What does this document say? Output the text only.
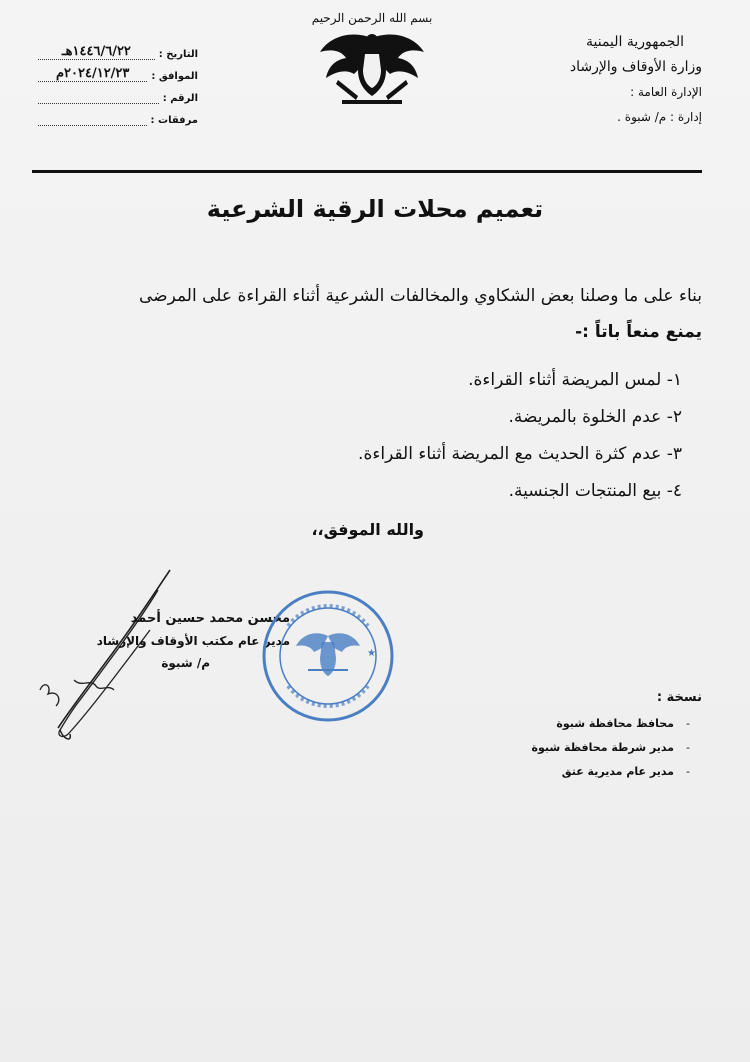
الجمهورية اليمنية
وزارة الأوقاف والإرشاد
الإدارة العامة :
إدارة : م/ شبوة .
بسم الله الرحمن الرحيم
التاريخ :
١٤٤٦/٦/٢٢هـ
الموافق :
٢٠٢٤/١٢/٢٣م
الرقم :
مرفقات :
تعميم محلات الرقية الشرعية
بناء على ما وصلنا بعض الشكاوي والمخالفات الشرعية أثناء القراءة على المرضى
يمنع منعاً باتاً :-
١- لمس المريضة أثناء القراءة.
٢- عدم الخلوة بالمريضة.
٣- عدم كثرة الحديث مع المريضة أثناء القراءة.
٤- بيع المنتجات الجنسية.
والله الموفق،،
محسن محمد حسين أحمد
مدير عام مكتب الأوقاف والإرشاد
م/ شبوة
★
نسخة :
-محافظ محافظة شبوة
-مدير شرطة محافظة شبوة
-مدير عام مديرية عتق
